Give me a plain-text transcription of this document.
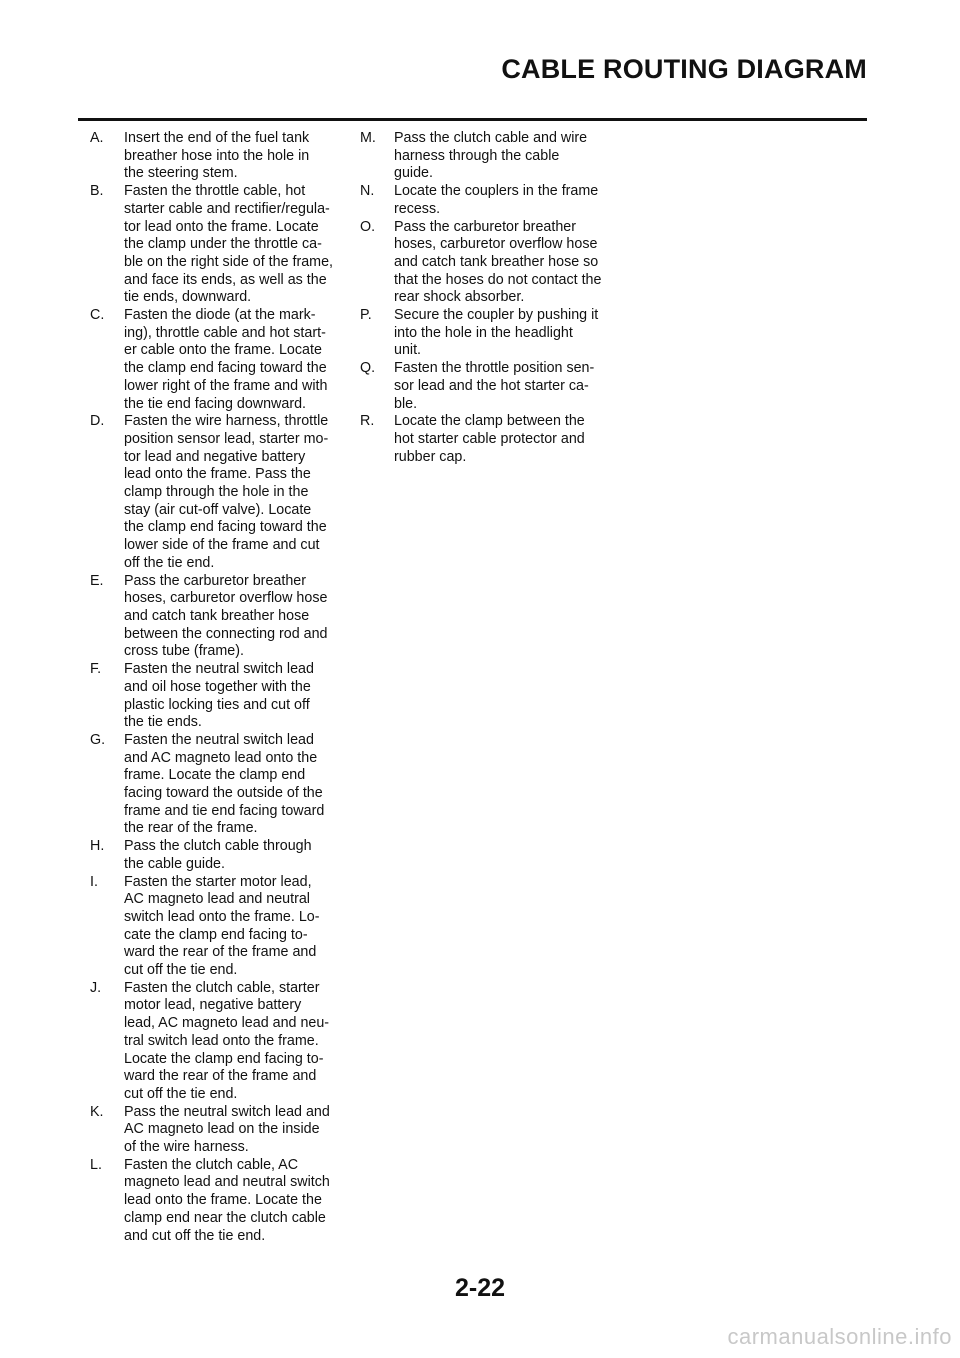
CABLE ROUTING DIAGRAM
A.	Insert the end of the fuel tank
breather hose into the hole in
the steering stem.
B.	Fasten the throttle cable, hot
starter cable and rectifier/regula-
tor lead onto the frame. Locate
the clamp under the throttle ca-
ble on the right side of the frame,
and face its ends, as well as the
tie ends, downward.
C.	Fasten the diode (at the mark-
ing), throttle cable and hot start-
er cable onto the frame. Locate
the clamp end facing toward the
lower right of the frame and with
the tie end facing downward.
D.	Fasten the wire harness, throttle
position sensor lead, starter mo-
tor lead and negative battery
lead onto the frame. Pass the
clamp through the hole in the
stay (air cut-off valve). Locate
the clamp end facing toward the
lower side of the frame and cut
off the tie end.
E.	Pass the carburetor breather
hoses, carburetor overflow hose
and catch tank breather hose
between the connecting rod and
cross tube (frame).
F.	Fasten the neutral switch lead
and oil hose together with the
plastic locking ties and cut off
the tie ends.
G.	Fasten the neutral switch lead
and AC magneto lead onto the
frame. Locate the clamp end
facing toward the outside of the
frame and tie end facing toward
the rear of the frame.
H.	Pass the clutch cable through
the cable guide.
I.	Fasten the starter motor lead,
AC magneto lead and neutral
switch lead onto the frame. Lo-
cate the clamp end facing to-
ward the rear of the frame and
cut off the tie end.
J.	Fasten the clutch cable, starter
motor lead, negative battery
lead, AC magneto lead and neu-
tral switch lead onto the frame.
Locate the clamp end facing to-
ward the rear of the frame and
cut off the tie end.
K.	Pass the neutral switch lead and
AC magneto lead on the inside
of the wire harness.
L.	Fasten the clutch cable, AC
magneto lead and neutral switch
lead onto the frame. Locate the
clamp end near the clutch cable
and cut off the tie end.
M.	Pass the clutch cable and wire
harness through the cable
guide.
N.	Locate the couplers in the frame
recess.
O.	Pass the carburetor breather
hoses, carburetor overflow hose
and catch tank breather hose so
that the hoses do not contact the
rear shock absorber.
P.	Secure the coupler by pushing it
into the hole in the headlight
unit.
Q.	Fasten the throttle position sen-
sor lead and the hot starter ca-
ble.
R.	Locate the clamp between the
hot starter cable protector and
rubber cap.

2-22

carmanualsonline.info
